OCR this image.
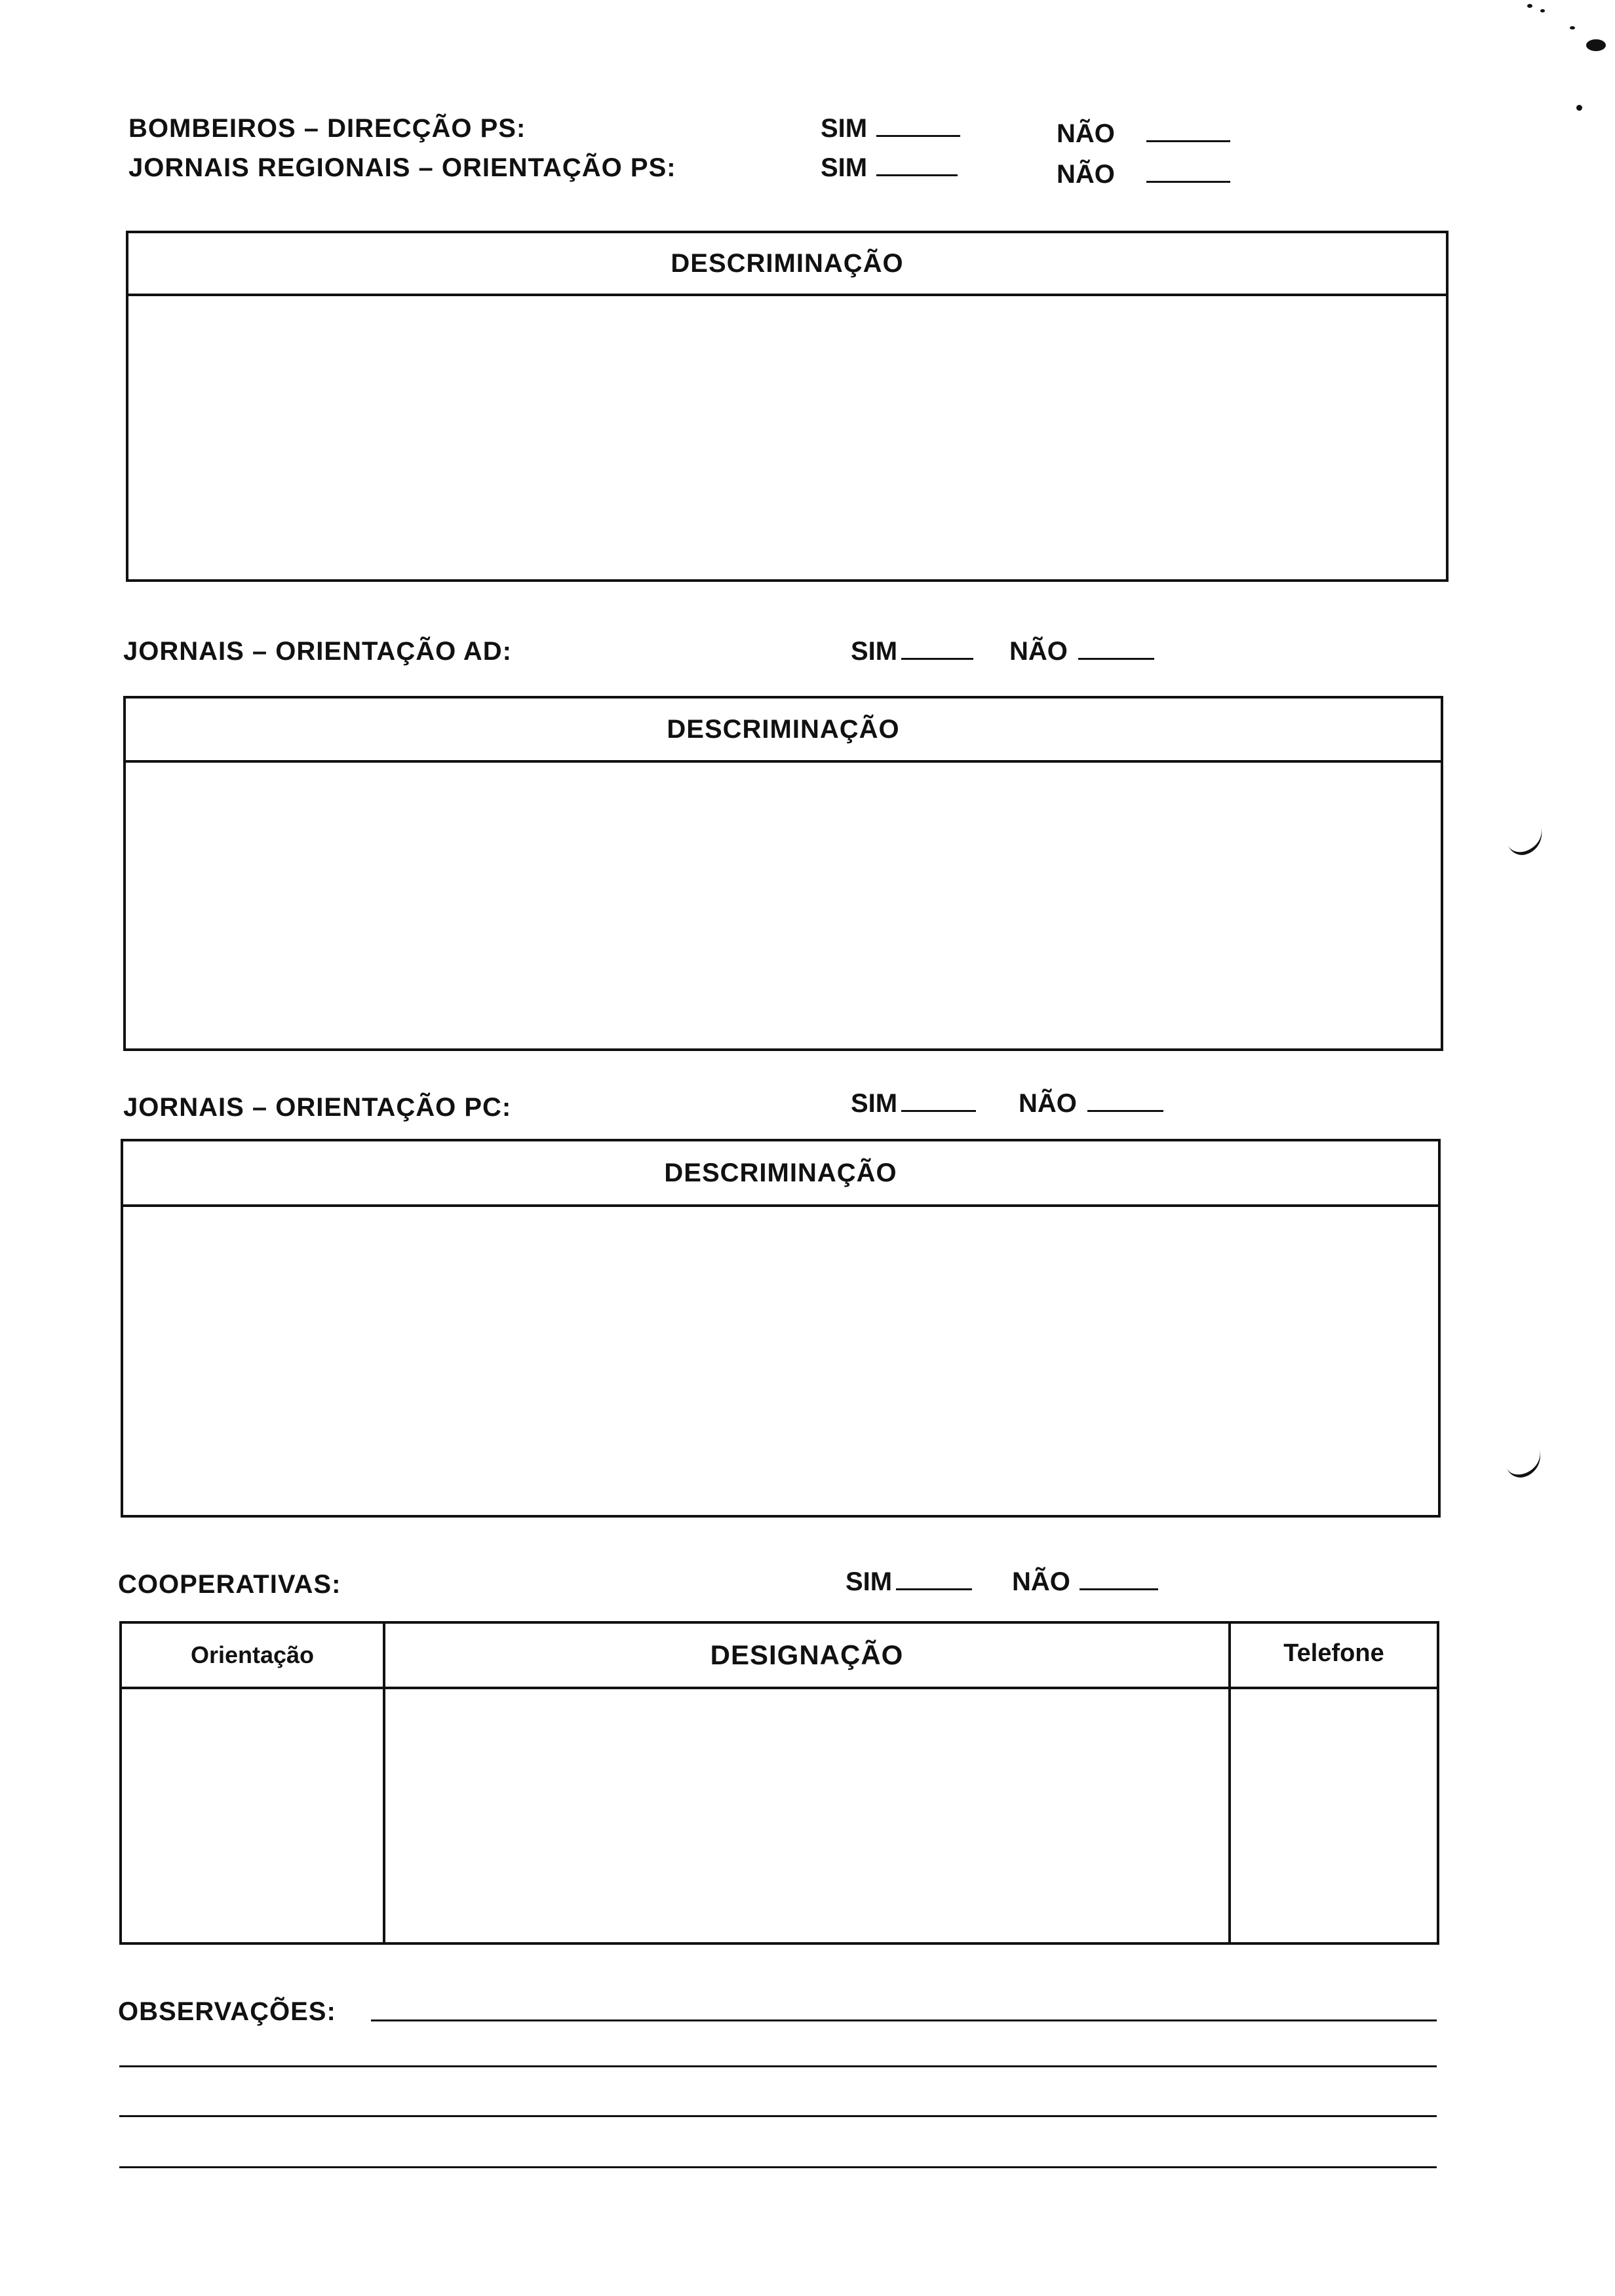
BOMBEIROS – DIRECÇÃO PS:	SIM	NÃO
JORNAIS REGIONAIS – ORIENTAÇÃO PS:	SIM	NÃO
DESCRIMINAÇÃO
JORNAIS – ORIENTAÇÃO AD:	SIM	NÃO
DESCRIMINAÇÃO
JORNAIS – ORIENTAÇÃO PC:	SIM	NÃO
DESCRIMINAÇÃO
COOPERATIVAS:	SIM	NÃO
Orientação	DESIGNAÇÃO	Telefone
OBSERVAÇÕES:
